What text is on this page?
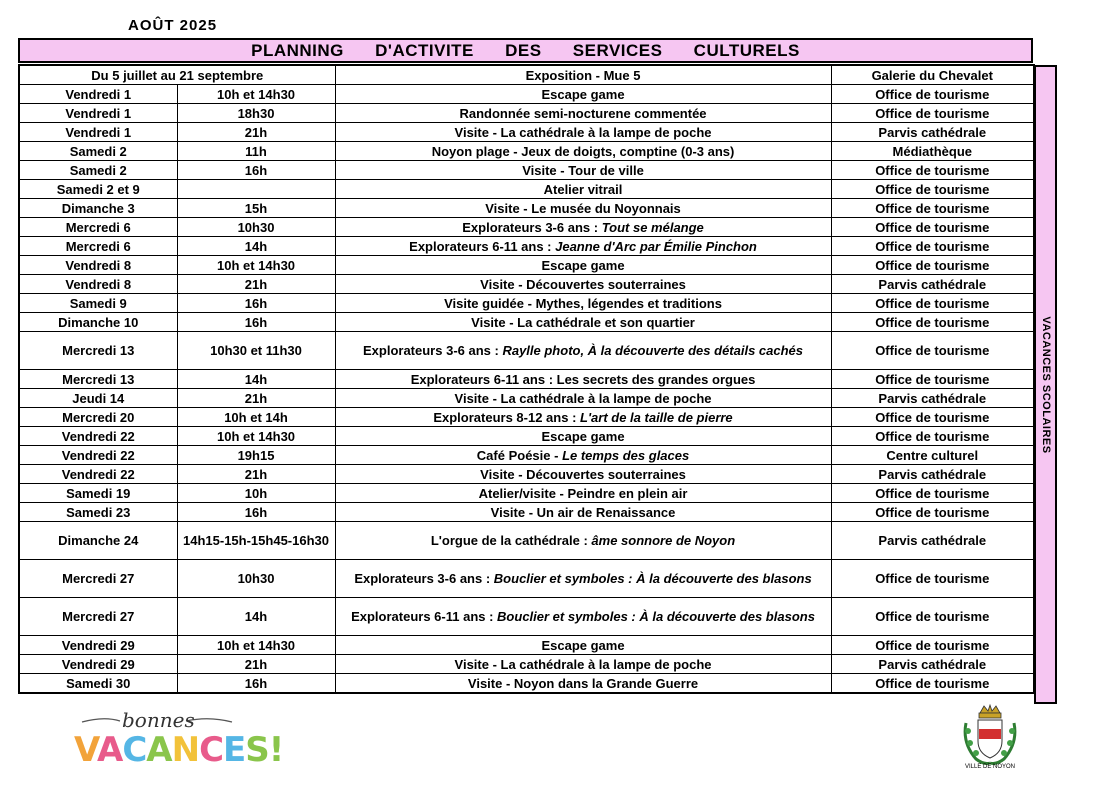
AOÛT 2025
PLANNING D'ACTIVITE DES SERVICES CULTURELS
Du 5 juillet au 21 septembre		Exposition - Mue 5	Galerie du Chevalet
Vendredi 1	10h et 14h30	Escape game	Office de tourisme
Vendredi 1	18h30	Randonnée semi-nocturene commentée	Office de tourisme
Vendredi 1	21h	Visite - La cathédrale à la lampe de poche	Parvis cathédrale
Samedi 2	11h	Noyon plage - Jeux de doigts, comptine (0-3 ans)	Médiathèque
Samedi 2	16h	Visite - Tour de ville	Office de tourisme
Samedi 2 et 9		Atelier vitrail	Office de tourisme
Dimanche 3	15h	Visite - Le musée du Noyonnais	Office de tourisme
Mercredi 6	10h30	Explorateurs 3-6 ans : Tout se mélange	Office de tourisme
Mercredi 6	14h	Explorateurs 6-11 ans : Jeanne d'Arc par Émilie Pinchon	Office de tourisme
Vendredi 8	10h et 14h30	Escape game	Office de tourisme
Vendredi 8	21h	Visite - Découvertes souterraines	Parvis cathédrale
Samedi 9	16h	Visite guidée - Mythes, légendes et traditions	Office de tourisme
Dimanche 10	16h	Visite - La cathédrale et son quartier	Office de tourisme
Mercredi 13	10h30 et 11h30	Explorateurs 3-6 ans : Raylle photo, À la découverte des détails cachés	Office de tourisme
Mercredi 13	14h	Explorateurs 6-11 ans : Les secrets des grandes orgues	Office de tourisme
Jeudi 14	21h	Visite - La cathédrale à la lampe de poche	Parvis cathédrale
Mercredi 20	10h et 14h	Explorateurs 8-12 ans : L'art de la taille de pierre	Office de tourisme
Vendredi 22	10h et 14h30	Escape game	Office de tourisme
Vendredi 22	19h15	Café Poésie - Le temps des glaces	Centre culturel
Vendredi 22	21h	Visite - Découvertes souterraines	Parvis cathédrale
Samedi 19	10h	Atelier/visite - Peindre en plein air	Office de tourisme
Samedi 23	16h	Visite - Un air de Renaissance	Office de tourisme
Dimanche 24	14h15-15h-15h45-16h30	L'orgue de la cathédrale : âme sonnore de Noyon	Parvis cathédrale
Mercredi 27	10h30	Explorateurs 3-6 ans : Bouclier et symboles : À la découverte des blasons	Office de tourisme
Mercredi 27	14h	Explorateurs 6-11 ans : Bouclier et symboles : À la découverte des blasons	Office de tourisme
Vendredi 29	10h et 14h30	Escape game	Office de tourisme
Vendredi 29	21h	Visite - La cathédrale à la lampe de poche	Parvis cathédrale
Samedi 30	16h	Visite - Noyon dans la Grande Guerre	Office de tourisme
VACANCES SCOLAIRES
bonnes
VACANCES!	VILLE DE NOYON
